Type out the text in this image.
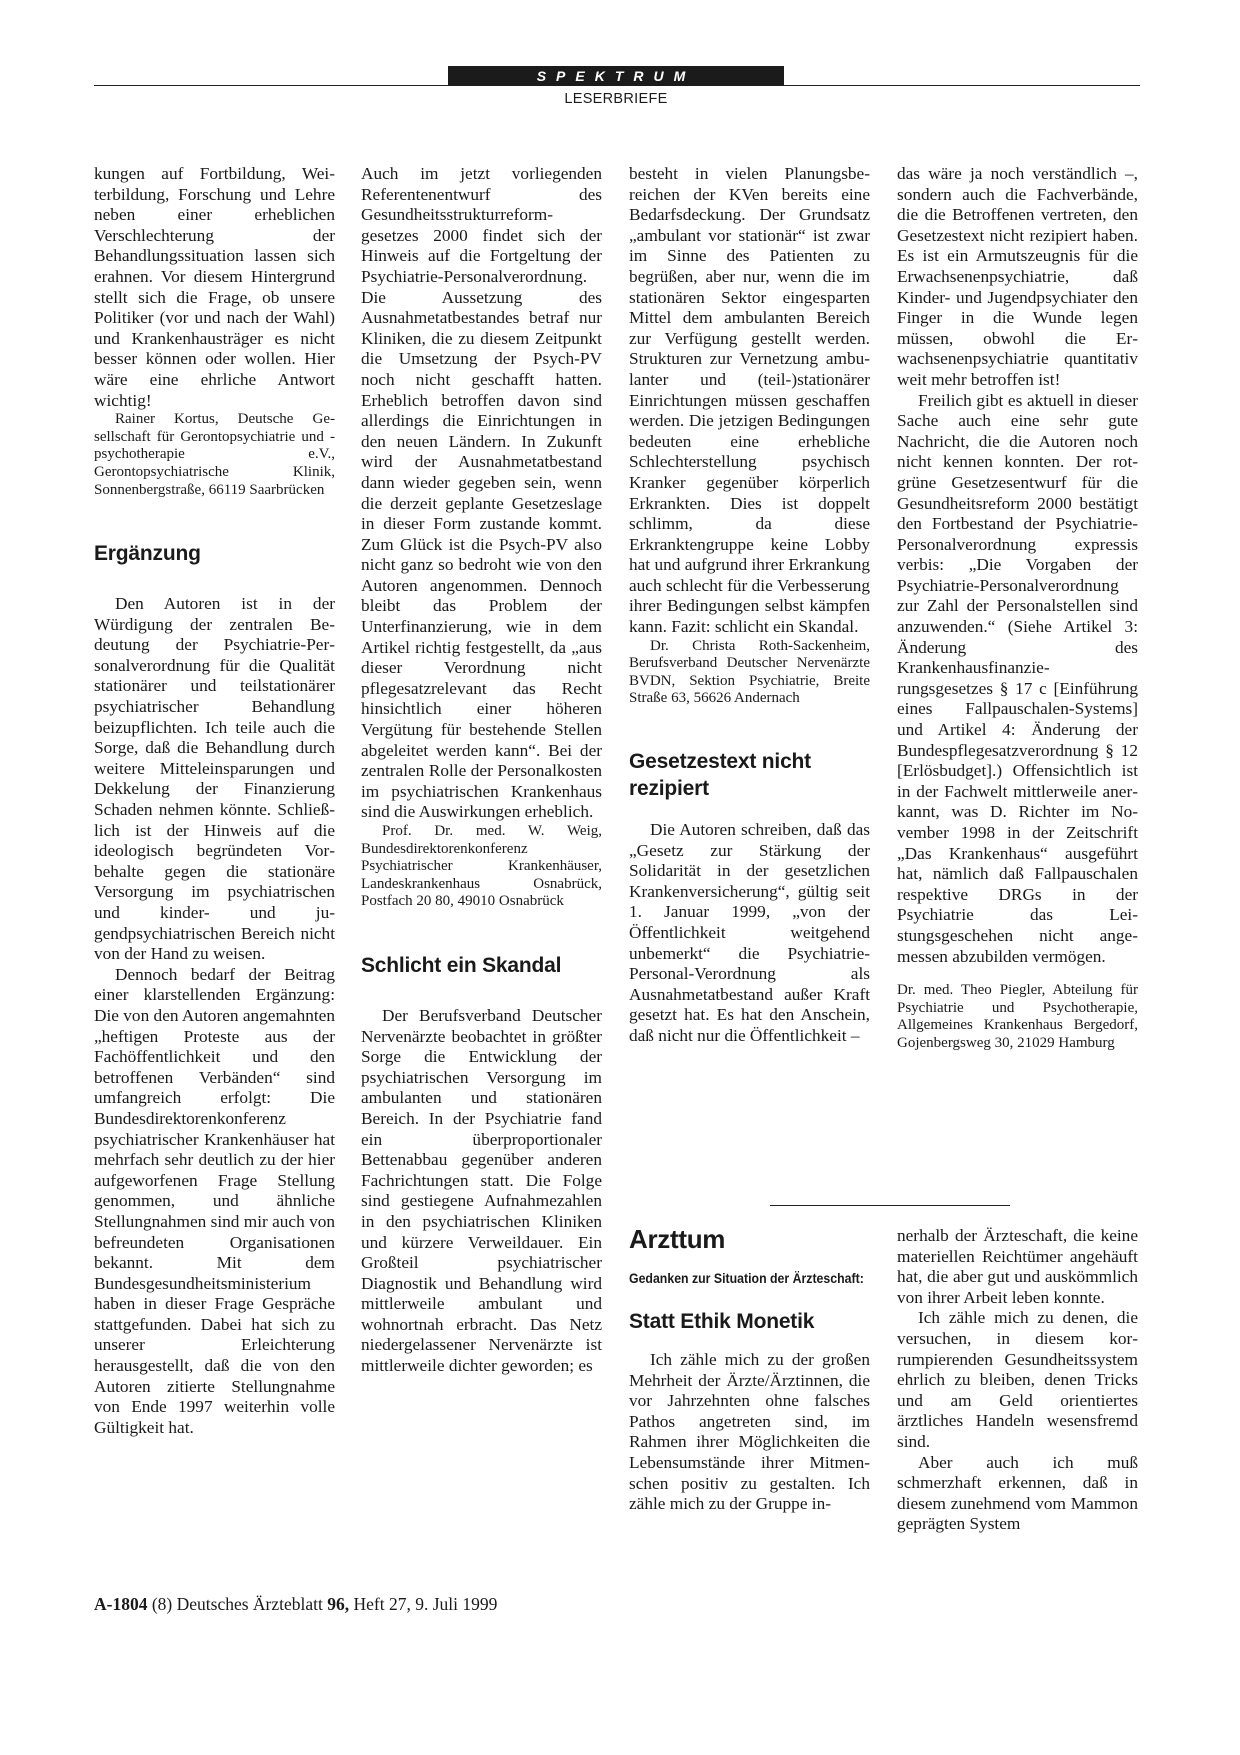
SPEKTRUM
LESERBRIEFE

kungen auf Fortbildung, Weiterbildung, Forschung und Lehre neben einer erheblichen Verschlechterung der Behandlungssituation lassen sich erahnen. Vor diesem Hintergrund stellt sich die Frage, ob unsere Politiker (vor und nach der Wahl) und Krankenhausträger es nicht besser können oder wollen. Hier wäre eine ehrliche Antwort wichtig!

Rainer Kortus, Deutsche Gesellschaft für Gerontopsychiatrie und -psychotherapie e.V., Gerontopsychiatrische Klinik, Sonnenbergstraße, 66119 Saarbrücken

Ergänzung

Den Autoren ist in der Würdigung der zentralen Bedeutung der Psychiatrie-Personalverordnung für die Qualität stationärer und teilstationärer psychiatrischer Behandlung beizupflichten. Ich teile auch die Sorge, daß die Behandlung durch weitere Mitteleinsparungen und Dekkelung der Finanzierung Schaden nehmen könnte. Schließlich ist der Hinweis auf die ideologisch begründeten Vorbehalte gegen die stationäre Versorgung im psychiatrischen und kinder- und jugendpsychiatrischen Bereich nicht von der Hand zu weisen.

Dennoch bedarf der Beitrag einer klarstellenden Ergänzung: Die von den Autoren angemahnten „heftigen Proteste aus der Fachöffentlichkeit und den betroffenen Verbänden“ sind umfangreich erfolgt: Die Bundesdirektorenkonferenz psychiatrischer Krankenhäuser hat mehrfach sehr deutlich zu der hier aufgeworfenen Frage Stellung genommen, und ähnliche Stellungnahmen sind mir auch von befreundeten Organisationen bekannt. Mit dem Bundesgesundheitsministerium haben in dieser Frage Gespräche stattgefunden. Dabei hat sich zu unserer Erleichterung herausgestellt, daß die von den Autoren zitierte Stellungnahme von Ende 1997 weiterhin volle Gültigkeit hat.

Auch im jetzt vorliegenden Referentenentwurf des Gesundheitsstrukturreformgesetzes 2000 findet sich der Hinweis auf die Fortgeltung der Psychiatrie-Personalverordnung. Die Aussetzung des Ausnahmetatbestandes betraf nur Kliniken, die zu diesem Zeitpunkt die Umsetzung der Psych-PV noch nicht geschafft hatten. Erheblich betroffen davon sind allerdings die Einrichtungen in den neuen Ländern. In Zukunft wird der Ausnahmetatbestand dann wieder gegeben sein, wenn die derzeit geplante Gesetzeslage in dieser Form zustande kommt. Zum Glück ist die Psych-PV also nicht ganz so bedroht wie von den Autoren angenommen. Dennoch bleibt das Problem der Unterfinanzierung, wie in dem Artikel richtig festgestellt, da „aus dieser Verordnung nicht pflegesatzrelevant das Recht hinsichtlich einer höheren Vergütung für bestehende Stellen abgeleitet werden kann“. Bei der zentralen Rolle der Personalkosten im psychiatrischen Krankenhaus sind die Auswirkungen erheblich.

Prof. Dr. med. W. Weig, Bundesdirektorenkonferenz Psychiatrischer Krankenhäuser, Landeskrankenhaus Osnabrück, Postfach 20 80, 49010 Osnabrück

Schlicht ein Skandal

Der Berufsverband Deutscher Nervenärzte beobachtet in größter Sorge die Entwicklung der psychiatrischen Versorgung im ambulanten und stationären Bereich. In der Psychiatrie fand ein überproportionaler Bettenabbau gegenüber anderen Fachrichtungen statt. Die Folge sind gestiegene Aufnahmezahlen in den psychiatrischen Kliniken und kürzere Verweildauer. Ein Großteil psychiatrischer Diagnostik und Behandlung wird mittlerweile ambulant und wohnortnah erbracht. Das Netz niedergelassener Nervenärzte ist mittlerweile dichter geworden; es

besteht in vielen Planungsbereichen der KVen bereits eine Bedarfsdeckung. Der Grundsatz „ambulant vor stationär“ ist zwar im Sinne des Patienten zu begrüßen, aber nur, wenn die im stationären Sektor eingesparten Mittel dem ambulanten Bereich zur Verfügung gestellt werden. Strukturen zur Vernetzung ambulanter und (teil-)stationärer Einrichtungen müssen geschaffen werden. Die jetzigen Bedingungen bedeuten eine erhebliche Schlechterstellung psychisch Kranker gegenüber körperlich Erkrankten. Dies ist doppelt schlimm, da diese Erkranktengruppe keine Lobby hat und aufgrund ihrer Erkrankung auch schlecht für die Verbesserung ihrer Bedingungen selbst kämpfen kann. Fazit: schlicht ein Skandal.

Dr. Christa Roth-Sackenheim, Berufsverband Deutscher Nervenärzte BVDN, Sektion Psychiatrie, Breite Straße 63, 56626 Andernach

Gesetzestext nicht rezipiert

Die Autoren schreiben, daß das „Gesetz zur Stärkung der Solidarität in der gesetzlichen Krankenversicherung“, gültig seit 1. Januar 1999, „von der Öffentlichkeit weitgehend unbemerkt“ die Psychiatrie-Personal-Verordnung als Ausnahmetatbestand außer Kraft gesetzt hat. Es hat den Anschein, daß nicht nur die Öffentlichkeit –

Arzttum

Gedanken zur Situation der Ärzteschaft:

Statt Ethik Monetik

Ich zähle mich zu der großen Mehrheit der Ärzte/Ärztinnen, die vor Jahrzehnten ohne falsches Pathos angetreten sind, im Rahmen ihrer Möglichkeiten die Lebensumstände ihrer Mitmenschen positiv zu gestalten. Ich zähle mich zu der Gruppe in-

das wäre ja noch verständlich –, sondern auch die Fachverbände, die die Betroffenen vertreten, den Gesetzestext nicht rezipiert haben. Es ist ein Armutszeugnis für die Erwachsenenpsychiatrie, daß Kinder- und Jugendpsychiater den Finger in die Wunde legen müssen, obwohl die Erwachsenenpsychiatrie quantitativ weit mehr betroffen ist!

Freilich gibt es aktuell in dieser Sache auch eine sehr gute Nachricht, die die Autoren noch nicht kennen konnten. Der rot-grüne Gesetzesentwurf für die Gesundheitsreform 2000 bestätigt den Fortbestand der Psychiatrie-Personalverordnung expressis verbis: „Die Vorgaben der Psychiatrie-Personalverordnung zur Zahl der Personalstellen sind anzuwenden.“ (Siehe Artikel 3: Änderung des Krankenhausfinanzierungsgesetzes § 17 c [Einführung eines Fallpauschalen-Systems] und Artikel 4: Änderung der Bundespflegesatzverordnung § 12 [Erlösbudget].) Offensichtlich ist in der Fachwelt mittlerweile anerkannt, was D. Richter im November 1998 in der Zeitschrift „Das Krankenhaus“ ausgeführt hat, nämlich daß Fallpauschalen respektive DRGs in der Psychiatrie das Leistungsgeschehen nicht angemessen abzubilden vermögen.

Dr. med. Theo Piegler, Abteilung für Psychiatrie und Psychotherapie, Allgemeines Krankenhaus Bergedorf, Gojenbergsweg 30, 21029 Hamburg

nerhalb der Ärzteschaft, die keine materiellen Reichtümer angehäuft hat, die aber gut und auskömmlich von ihrer Arbeit leben konnte.

Ich zähle mich zu denen, die versuchen, in diesem korrumpierenden Gesundheitssystem ehrlich zu bleiben, denen Tricks und am Geld orientiertes ärztliches Handeln wesensfremd sind.

Aber auch ich muß schmerzhaft erkennen, daß in diesem zunehmend vom Mammon geprägten System

A-1804 (8) Deutsches Ärzteblatt 96, Heft 27, 9. Juli 1999
